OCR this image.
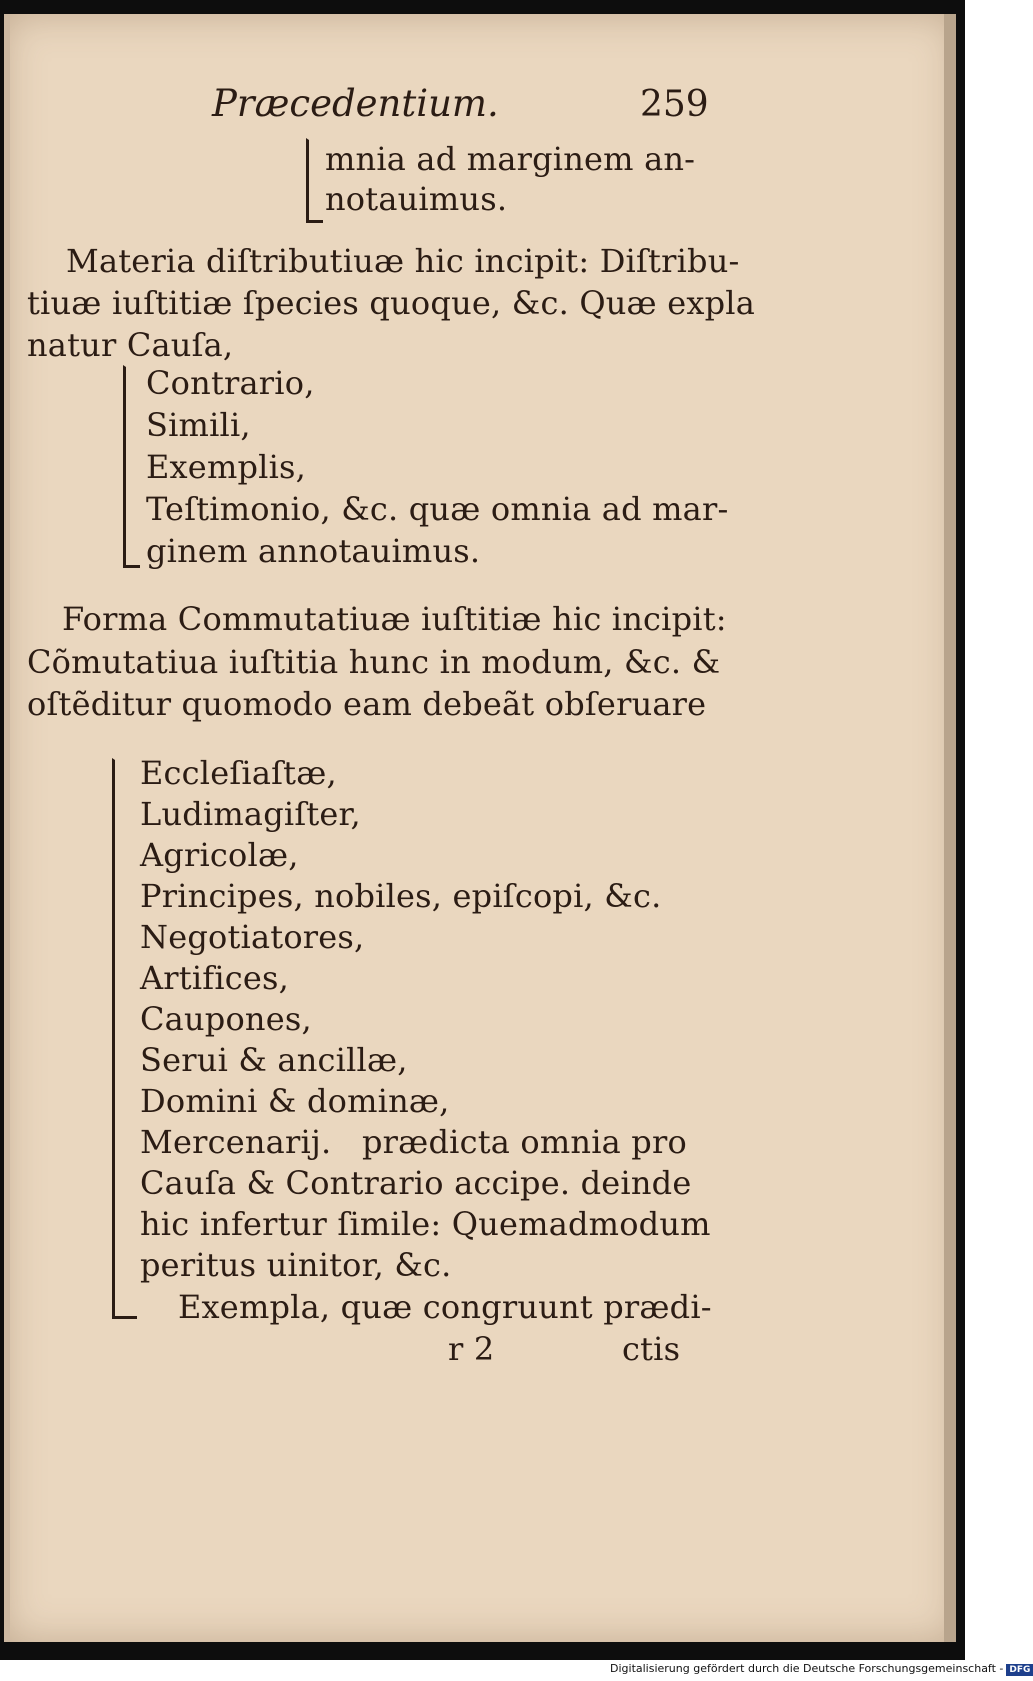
Præcedentium.	259
mnia ad marginem an-
notauimus.
Materia diſtributiuæ hic incipit: Diſtribu-
tiuæ iuſtitiæ ſpecies quoque, &c. Quæ expla
natur Cauſa,
Contrario,
Simili,
Exemplis,
Teſtimonio, &c. quæ omnia ad mar-
ginem annotauimus.
Forma Commutatiuæ iuſtitiæ hic incipit:
Cõmutatiua iuſtitia hunc in modum, &c. &
oſtẽditur quomodo eam debeãt obſeruare
Eccleſiaſtæ,
Ludimagiſter,
Agricolæ,
Principes, nobiles, epiſcopi, &c.
Negotiatores,
Artifices,
Caupones,
Serui & ancillæ,
Domini & dominæ,
Mercenarij. prædicta omnia pro
Cauſa & Contrario accipe. deinde
hic infertur ſimile: Quemadmodum
peritus uinitor, &c.
Exempla, quæ congruunt prædi-
r 2	ctis
Digitalisierung gefördert durch die Deutsche Forschungsgemeinschaft - DFG
